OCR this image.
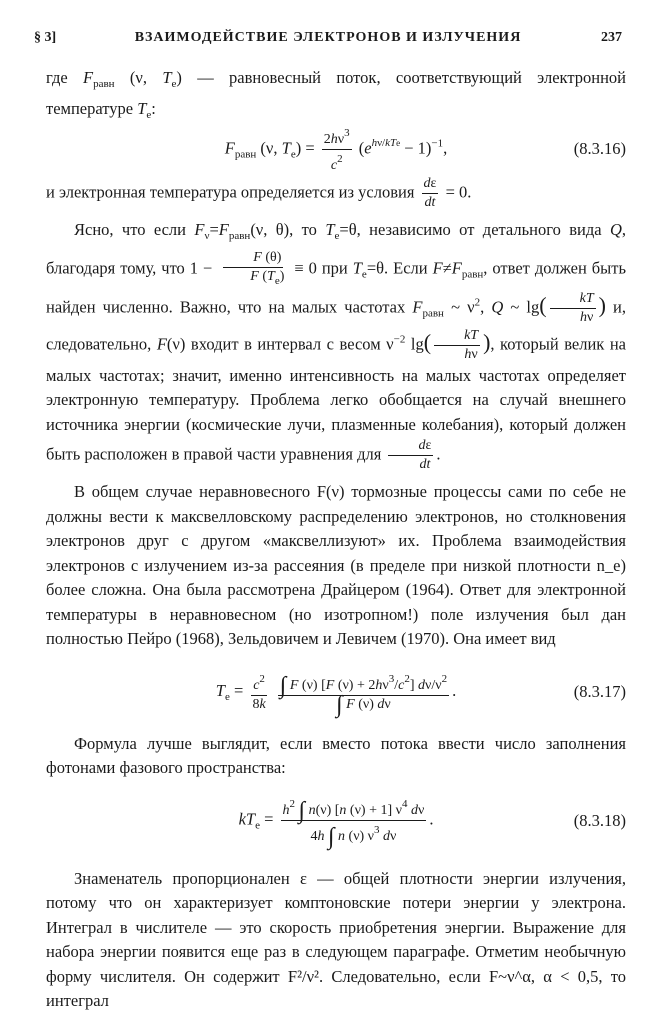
§ 3]	ВЗАИМОДЕЙСТВИЕ ЭЛЕКТРОНОВ И ИЗЛУЧЕНИЯ	237

где $F_{равн}$ (ν, $T_e$) — равновесный поток, соответствующий электронной температуре $T_e$:

$F_{равн}$ (ν, $T_e) = \frac{2h\nu^3}{c^2} (e^{h\nu/kTe} - 1)^{-1}$,	(8.3.16)

и электронная температура определяется из условия $\frac{d\varepsilon}{dt} = 0$.

Ясно, что если $F_\nu=F_{равн}(\nu$, θ), то $T_e=\theta$, независимо от детального вида Q, благодаря тому, что $1 - \frac{F (\theta)}{F (T_e)} \equiv 0$ при $T_e=\theta$. Если $F\ne F_{равн}$, ответ должен быть найден численно. Важно, что на малых частотах $F_{равн}$ ~ $\nu^2$, Q ~ $\lg( \frac{kT}{h\nu}$ ) и, следовательно, F(ν) входит в интервал с весом $\nu^{-2}$ $\lg( \frac{kT}{h\nu}$ ), который велик на малых частотах; значит, именно интенсивность на малых частотах определяет электронную температуру. Проблема легко обобщается на случай внешнего источника энергии (космические лучи, плазменные колебания), который должен быть расположен в правой части уравнения для $\frac{d\varepsilon}{dt}$ .

В общем случае неравновесного F(ν) тормозные процессы сами по себе не должны вести к максвелловскому распределению электронов, но столкновения электронов друг с другом «максвеллизуют» их. Проблема взаимодействия электронов с излучением из-за рассеяния (в пределе при низкой плотности n_e) более сложна. Она была рассмотрена Драйцером (1964). Ответ для электронной температуры в неравновесном (но изотропном!) поле излучения был дан полностью Пейро (1968), Зельдовичем и Левичем (1970). Она имеет вид

$T_e = \frac{c^2}{8k}$
$\frac{\int F (\nu) [F (\nu) + 2h\nu^3/c^2] d\nu/\nu^2}{\int F (\nu) d\nu}$ .	(8.3.17)

Формула лучше выглядит, если вместо потока ввести число заполнения фотонами фазового пространства:

$kT_e = \frac{h^2 \int n(\nu) [n (\nu) + 1] \nu^4 d\nu}{4h \int n (\nu) \nu^3 d\nu}$ .	(8.3.18)

Знаменатель пропорционален ε — общей плотности энергии излучения, потому что он характеризует комптоновские потери энергии у электрона. Интеграл в числителе — это скорость приобретения энергии. Выражение для набора энергии появится еще раз в следующем параграфе. Отметим необычную форму числителя. Он содержит F²/ν². Следовательно, если F~ν^α, α < 0,5, то интеграл
